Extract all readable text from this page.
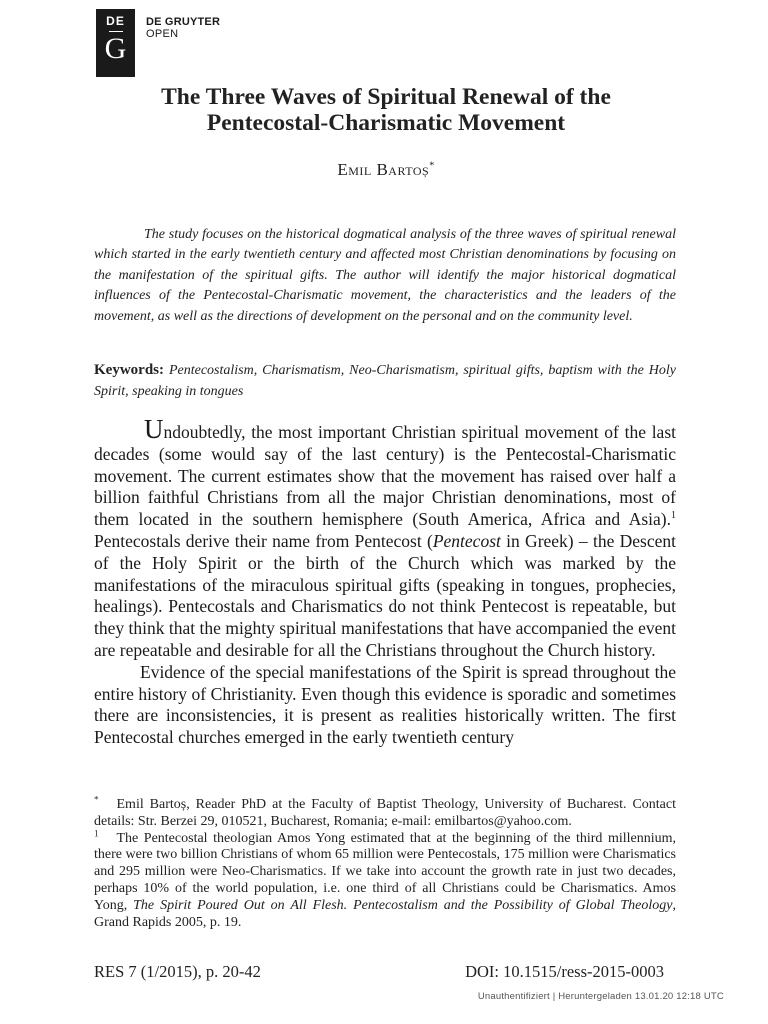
DE
G
DE GRUYTER
OPEN
The Three Waves of Spiritual Renewal of the
Pentecostal-Charismatic Movement
Emil Bartoș*

The study focuses on the historical dogmatical analysis of the three waves of spiritual renewal which started in the early twentieth century and affected most Christian denominations by focusing on the manifestation of the spiritual gifts. The author will identify the major historical dogmatical influences of the Pentecostal-Charismatic movement, the characteristics and the leaders of the movement, as well as the directions of development on the personal and on the community level.

Keywords: Pentecostalism, Charismatism, Neo-Charismatism, spiritual gifts, baptism with the Holy Spirit, speaking in tongues

Undoubtedly, the most important Christian spiritual movement of the last decades (some would say of the last century) is the Pentecostal-Charismatic movement. The current estimates show that the movement has raised over half a billion faithful Christians from all the major Christian denominations, most of them located in the southern hemisphere (South America, Africa and Asia).$^1$ Pentecostals derive their name from Pentecost (Pentecost in Greek) – the Descent of the Holy Spirit or the birth of the Church which was marked by the manifestations of the miraculous spiritual gifts (speaking in tongues, prophecies, healings). Pentecostals and Charismatics do not think Pentecost is repeatable, but they think that the mighty spiritual manifestations that have accompanied the event are repeatable and desirable for all the Christians throughout the Church history.

Evidence of the special manifestations of the Spirit is spread throughout the entire history of Christianity. Even though this evidence is sporadic and sometimes there are inconsistencies, it is present as realities historically written. The first Pentecostal churches emerged in the early twentieth century

* Emil Bartoș, Reader PhD at the Faculty of Baptist Theology, University of Bucharest. Contact details: Str. Berzei 29, 010521, Bucharest, Romania; e-mail: emilbartos@yahoo.com.

$^1$ The Pentecostal theologian Amos Yong estimated that at the beginning of the third millennium, there were two billion Christians of whom 65 million were Pentecostals, 175 million were Charismatics and 295 million were Neo-Charismatics. If we take into account the growth rate in just two decades, perhaps 10% of the world population, i.e. one third of all Christians could be Charismatics. Amos Yong, The Spirit Poured Out on All Flesh. Pentecostalism and the Possibility of Global Theology, Grand Rapids 2005, p. 19.

RES 7 (1/2015), p. 20-42	DOI: 10.1515/ress-2015-0003
Unauthentifiziert | Heruntergeladen 13.01.20 12:18 UTC
